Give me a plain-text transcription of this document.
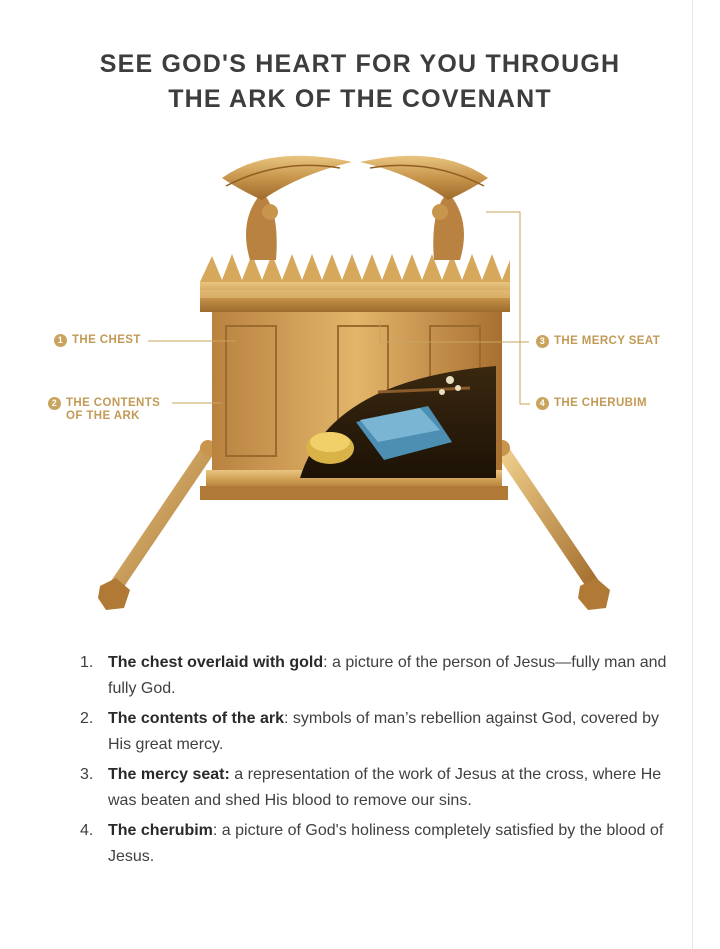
SEE GOD'S HEART FOR YOU THROUGH
THE ARK OF THE COVENANT
1 THE CHEST
2 THE CONTENTS
OF THE ARK
3 THE MERCY SEAT
4 THE CHERUBIM
1. The chest overlaid with gold: a picture of the person of Jesus—fully man and fully God.
2. The contents of the ark: symbols of man’s rebellion against God, covered by His great mercy.
3. The mercy seat: a representation of the work of Jesus at the cross, where He was beaten and shed His blood to remove our sins.
4. The cherubim: a picture of God's holiness completely satisfied by the blood of Jesus.
